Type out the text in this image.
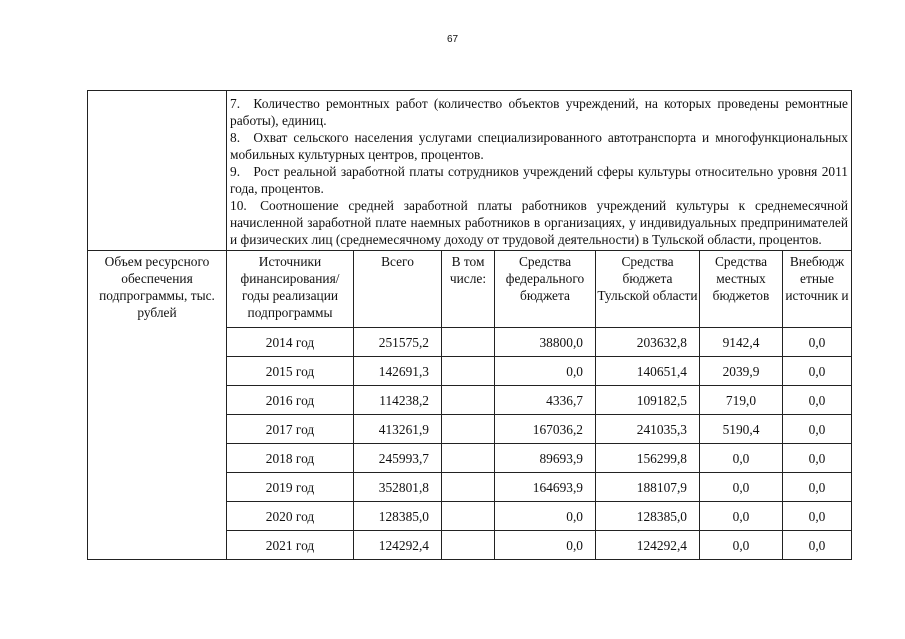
67

	7. Количество ремонтных работ (количество объектов учреждений, на которых проведены ремонтные работы), единиц.

8. Охват сельского населения услугами специализированного автотранспорта и многофункциональных мобильных культурных центров, процентов.

9. Рост реальной заработной платы сотрудников учреждений сферы культуры относительно уровня 2011 года, процентов.

10. Соотношение средней заработной платы работников учреждений культуры к среднемесячной начисленной заработной плате наемных работников в организациях, у индивидуальных предпринимателей и физических лиц (среднемесячному доходу от трудовой деятельности) в Тульской области, процентов.						

Объем ресурсного обеспечения подпрограммы, тыс. рублей	Источники финансирования/ годы реализации подпрограммы	Всего	В том числе:	Средства федерального бюджета	Средства бюджета Тульской области	Средства местных бюджетов	Внебюдж етные источник и
	2014 год	251575,2		38800,0	203632,8	9142,4	0,0
	2015 год	142691,3		0,0	140651,4	2039,9	0,0
	2016 год	114238,2		4336,7	109182,5	719,0	0,0
	2017 год	413261,9		167036,2	241035,3	5190,4	0,0
	2018 год	245993,7		89693,9	156299,8	0,0	0,0
	2019 год	352801,8		164693,9	188107,9	0,0	0,0
	2020 год	128385,0		0,0	128385,0	0,0	0,0
	2021 год	124292,4		0,0	124292,4	0,0	0,0
